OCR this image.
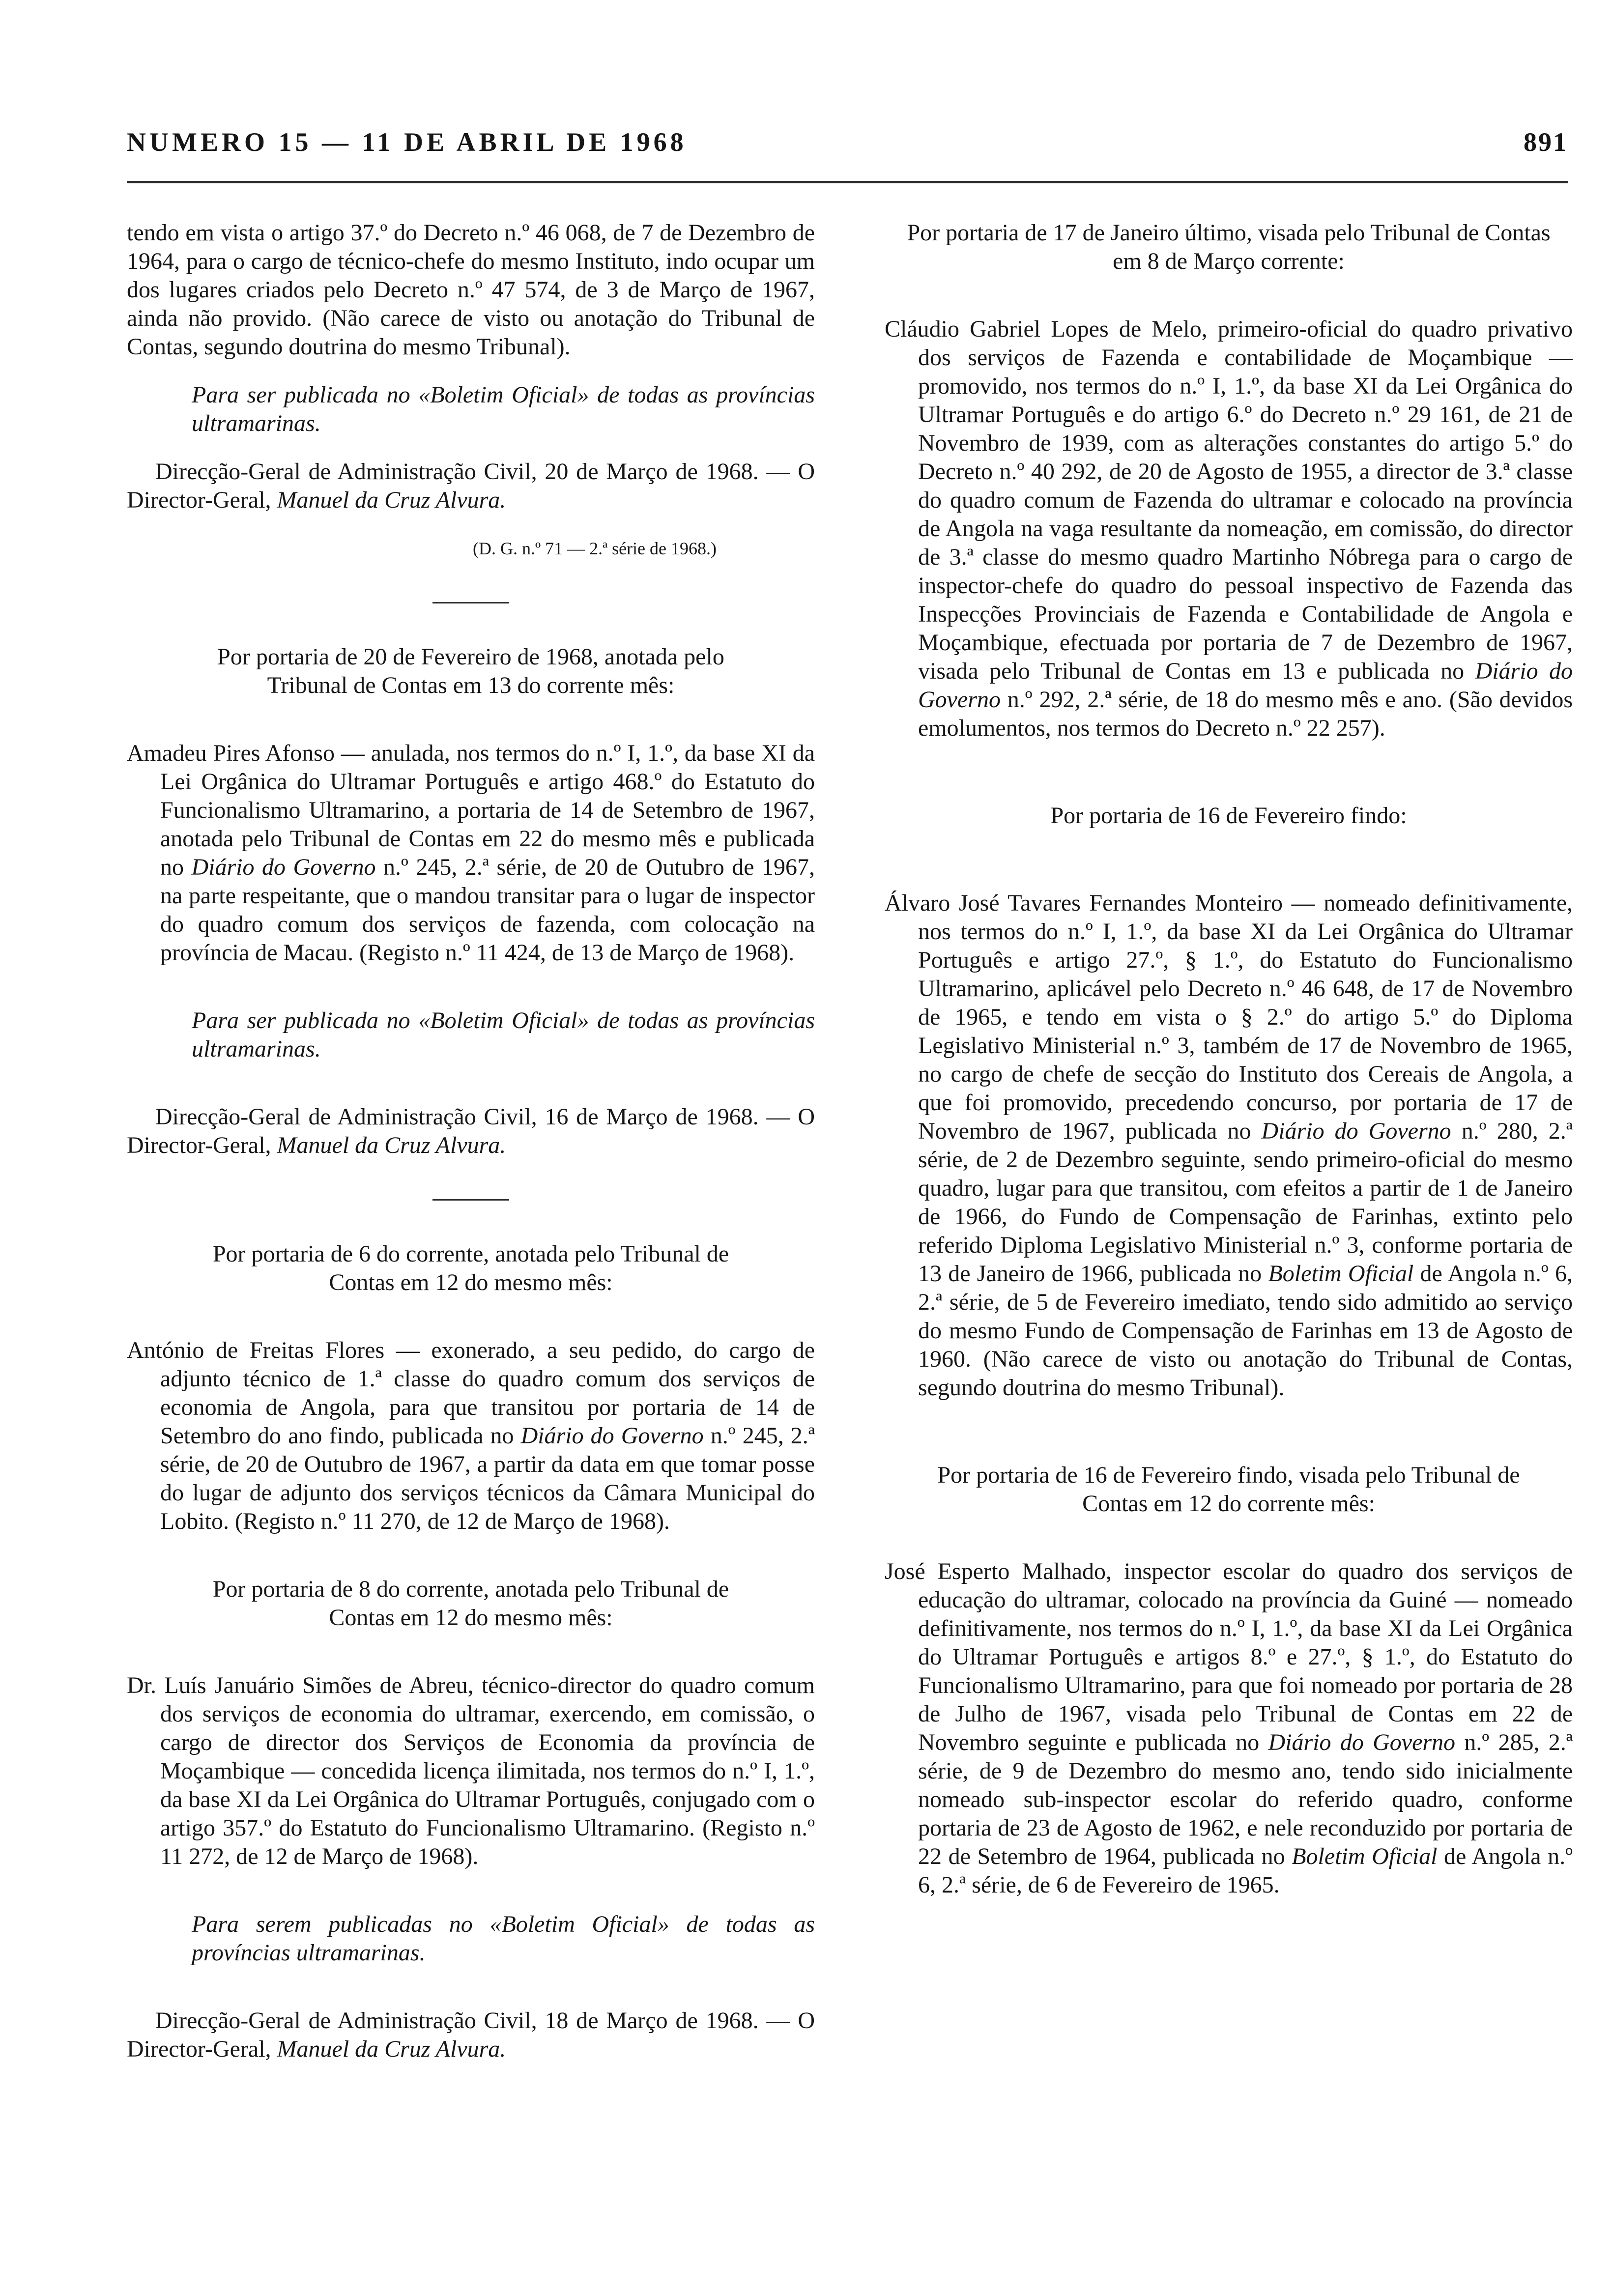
NUMERO 15 — 11 DE ABRIL DE 1968	891

tendo em vista o artigo 37.º do Decreto n.º 46 068, de 7 de Dezembro de 1964, para o cargo de técnico-chefe do mesmo Instituto, indo ocupar um dos lugares criados pelo Decreto n.º 47 574, de 3 de Março de 1967, ainda não provido. (Não carece de visto ou anotação do Tribunal de Contas, segundo doutrina do mesmo Tribunal).

Para ser publicada no «Boletim Oficial» de todas as províncias ultramarinas.

Direcção-Geral de Administração Civil, 20 de Março de 1968. — O Director-Geral, Manuel da Cruz Alvura.

(D. G. n.º 71 — 2.ª série de 1968.)

Por portaria de 20 de Fevereiro de 1968, anotada pelo Tribunal de Contas em 13 do corrente mês:

Amadeu Pires Afonso — anulada, nos termos do n.º I, 1.º, da base XI da Lei Orgânica do Ultramar Português e artigo 468.º do Estatuto do Funcionalismo Ultramarino, a portaria de 14 de Setembro de 1967, anotada pelo Tribunal de Contas em 22 do mesmo mês e publicada no Diário do Governo n.º 245, 2.ª série, de 20 de Outubro de 1967, na parte respeitante, que o mandou transitar para o lugar de inspector do quadro comum dos serviços de fazenda, com colocação na província de Macau. (Registo n.º 11 424, de 13 de Março de 1968).

Para ser publicada no «Boletim Oficial» de todas as províncias ultramarinas.

Direcção-Geral de Administração Civil, 16 de Março de 1968. — O Director-Geral, Manuel da Cruz Alvura.

Por portaria de 6 do corrente, anotada pelo Tribunal de Contas em 12 do mesmo mês:

António de Freitas Flores — exonerado, a seu pedido, do cargo de adjunto técnico de 1.ª classe do quadro comum dos serviços de economia de Angola, para que transitou por portaria de 14 de Setembro do ano findo, publicada no Diário do Governo n.º 245, 2.ª série, de 20 de Outubro de 1967, a partir da data em que tomar posse do lugar de adjunto dos serviços técnicos da Câmara Municipal do Lobito. (Registo n.º 11 270, de 12 de Março de 1968).

Por portaria de 8 do corrente, anotada pelo Tribunal de Contas em 12 do mesmo mês:

Dr. Luís Januário Simões de Abreu, técnico-director do quadro comum dos serviços de economia do ultramar, exercendo, em comissão, o cargo de director dos Serviços de Economia da província de Moçambique — concedida licença ilimitada, nos termos do n.º I, 1.º, da base XI da Lei Orgânica do Ultramar Português, conjugado com o artigo 357.º do Estatuto do Funcionalismo Ultramarino. (Registo n.º 11 272, de 12 de Março de 1968).

Para serem publicadas no «Boletim Oficial» de todas as províncias ultramarinas.

Direcção-Geral de Administração Civil, 18 de Março de 1968. — O Director-Geral, Manuel da Cruz Alvura.

Por portaria de 17 de Janeiro último, visada pelo Tribunal de Contas em 8 de Março corrente:

Cláudio Gabriel Lopes de Melo, primeiro-oficial do quadro privativo dos serviços de Fazenda e contabilidade de Moçambique — promovido, nos termos do n.º I, 1.º, da base XI da Lei Orgânica do Ultramar Português e do artigo 6.º do Decreto n.º 29 161, de 21 de Novembro de 1939, com as alterações constantes do artigo 5.º do Decreto n.º 40 292, de 20 de Agosto de 1955, a director de 3.ª classe do quadro comum de Fazenda do ultramar e colocado na província de Angola na vaga resultante da nomeação, em comissão, do director de 3.ª classe do mesmo quadro Martinho Nóbrega para o cargo de inspector-chefe do quadro do pessoal inspectivo de Fazenda das Inspecções Provinciais de Fazenda e Contabilidade de Angola e Moçambique, efectuada por portaria de 7 de Dezembro de 1967, visada pelo Tribunal de Contas em 13 e publicada no Diário do Governo n.º 292, 2.ª série, de 18 do mesmo mês e ano. (São devidos emolumentos, nos termos do Decreto n.º 22 257).

Por portaria de 16 de Fevereiro findo:

Álvaro José Tavares Fernandes Monteiro — nomeado definitivamente, nos termos do n.º I, 1.º, da base XI da Lei Orgânica do Ultramar Português e artigo 27.º, § 1.º, do Estatuto do Funcionalismo Ultramarino, aplicável pelo Decreto n.º 46 648, de 17 de Novembro de 1965, e tendo em vista o § 2.º do artigo 5.º do Diploma Legislativo Ministerial n.º 3, também de 17 de Novembro de 1965, no cargo de chefe de secção do Instituto dos Cereais de Angola, a que foi promovido, precedendo concurso, por portaria de 17 de Novembro de 1967, publicada no Diário do Governo n.º 280, 2.ª série, de 2 de Dezembro seguinte, sendo primeiro-oficial do mesmo quadro, lugar para que transitou, com efeitos a partir de 1 de Janeiro de 1966, do Fundo de Compensação de Farinhas, extinto pelo referido Diploma Legislativo Ministerial n.º 3, conforme portaria de 13 de Janeiro de 1966, publicada no Boletim Oficial de Angola n.º 6, 2.ª série, de 5 de Fevereiro imediato, tendo sido admitido ao serviço do mesmo Fundo de Compensação de Farinhas em 13 de Agosto de 1960. (Não carece de visto ou anotação do Tribunal de Contas, segundo doutrina do mesmo Tribunal).

Por portaria de 16 de Fevereiro findo, visada pelo Tribunal de Contas em 12 do corrente mês:

José Esperto Malhado, inspector escolar do quadro dos serviços de educação do ultramar, colocado na província da Guiné — nomeado definitivamente, nos termos do n.º I, 1.º, da base XI da Lei Orgânica do Ultramar Português e artigos 8.º e 27.º, § 1.º, do Estatuto do Funcionalismo Ultramarino, para que foi nomeado por portaria de 28 de Julho de 1967, visada pelo Tribunal de Contas em 22 de Novembro seguinte e publicada no Diário do Governo n.º 285, 2.ª série, de 9 de Dezembro do mesmo ano, tendo sido inicialmente nomeado sub-inspector escolar do referido quadro, conforme portaria de 23 de Agosto de 1962, e nele reconduzido por portaria de 22 de Setembro de 1964, publicada no Boletim Oficial de Angola n.º 6, 2.ª série, de 6 de Fevereiro de 1965.
